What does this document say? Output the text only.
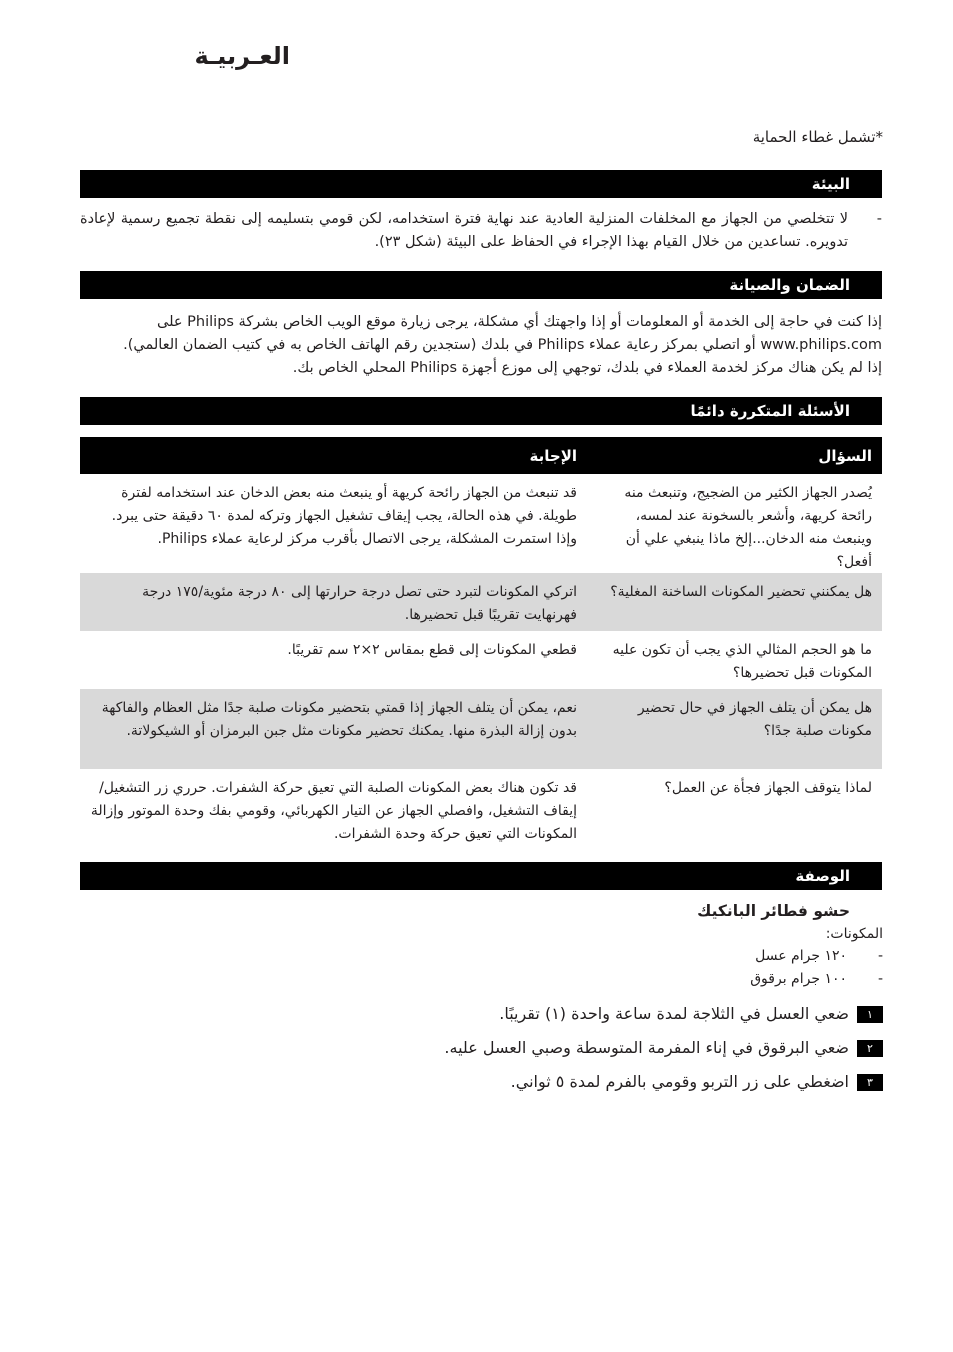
العـربيـة
*تشمل غطاء الحماية
البيئة
-
لا تتخلصي من الجهاز مع المخلفات المنزلية العادية عند نهاية فترة استخدامه، لكن قومي بتسليمه إلى نقطة تجميع رسمية لإعادة تدويره. تساعدين من خلال القيام بهذا الإجراء في الحفاظ على البيئة (شكل ٢٣).
الضمان والصيانة
إذا كنت في حاجة إلى الخدمة أو المعلومات أو إذا واجهتك أي مشكلة، يرجى زيارة موقع الويب الخاص بشركة Philips على
www.philips.com أو اتصلي بمركز رعاية عملاء Philips في بلدك (ستجدين رقم الهاتف الخاص به في كتيب الضمان العالمي).
إذا لم يكن هناك مركز لخدمة العملاء في بلدك، توجهي إلى موزع أجهزة Philips المحلي الخاص بك.
الأسئلة المتكررة دائمًا
السؤال
الإجابة
يُصدر الجهاز الكثير من الضجيج، وتنبعث منه رائحة كريهة، وأشعر بالسخونة عند لمسه، وينبعث منه الدخان...إلخ ماذا ينبغي علي أن أفعل؟
قد تنبعث من الجهاز رائحة كريهة أو ينبعث منه بعض الدخان عند استخدامه لفترة طويلة. في هذه الحالة، يجب إيقاف تشغيل الجهاز وتركه لمدة ٦٠ دقيقة حتى يبرد. وإذا استمرت المشكلة، يرجى الاتصال بأقرب مركز لرعاية عملاء Philips.
هل يمكنني تحضير المكونات الساخنة المغلية؟
اتركي المكونات لتبرد حتى تصل درجة حرارتها إلى ٨٠ درجة مئوية/١٧٥ درجة فهرنهايت تقريبًا قبل تحضيرها.
ما هو الحجم المثالي الذي يجب أن تكون عليه المكونات قبل تحضيرها؟
قطعي المكونات إلى قطع بمقاس ٢×٢ سم تقريبًا.
هل يمكن أن يتلف الجهاز في حال تحضير مكونات صلبة جدًا؟
نعم، يمكن أن يتلف الجهاز إذا قمتي بتحضير مكونات صلبة جدًا مثل العظام والفاكهة بدون إزالة البذرة منها. يمكنك تحضير مكونات مثل جبن البرمزان أو الشيكولاتة.
لماذا يتوقف الجهاز فجأة عن العمل؟
قد تكون هناك بعض المكونات الصلبة التي تعيق حركة الشفرات. حرري زر التشغيل/إيقاف التشغيل، وافصلي الجهاز عن التيار الكهربائي، وقومي بفك وحدة الموتور وإزالة المكونات التي تعيق حركة وحدة الشفرات.
الوصفة
حشو فطائر البانكيك
المكونات:
-
١٢٠ جرام عسل
-
١٠٠ جرام برقوق
١
ضعي العسل في الثلاجة لمدة ساعة واحدة (١) تقريبًا.
٢
ضعي البرقوق في إناء المفرمة المتوسطة وصبي العسل عليه.
٣
اضغطي على زر التربو وقومي بالفرم لمدة ٥ ثواني.
